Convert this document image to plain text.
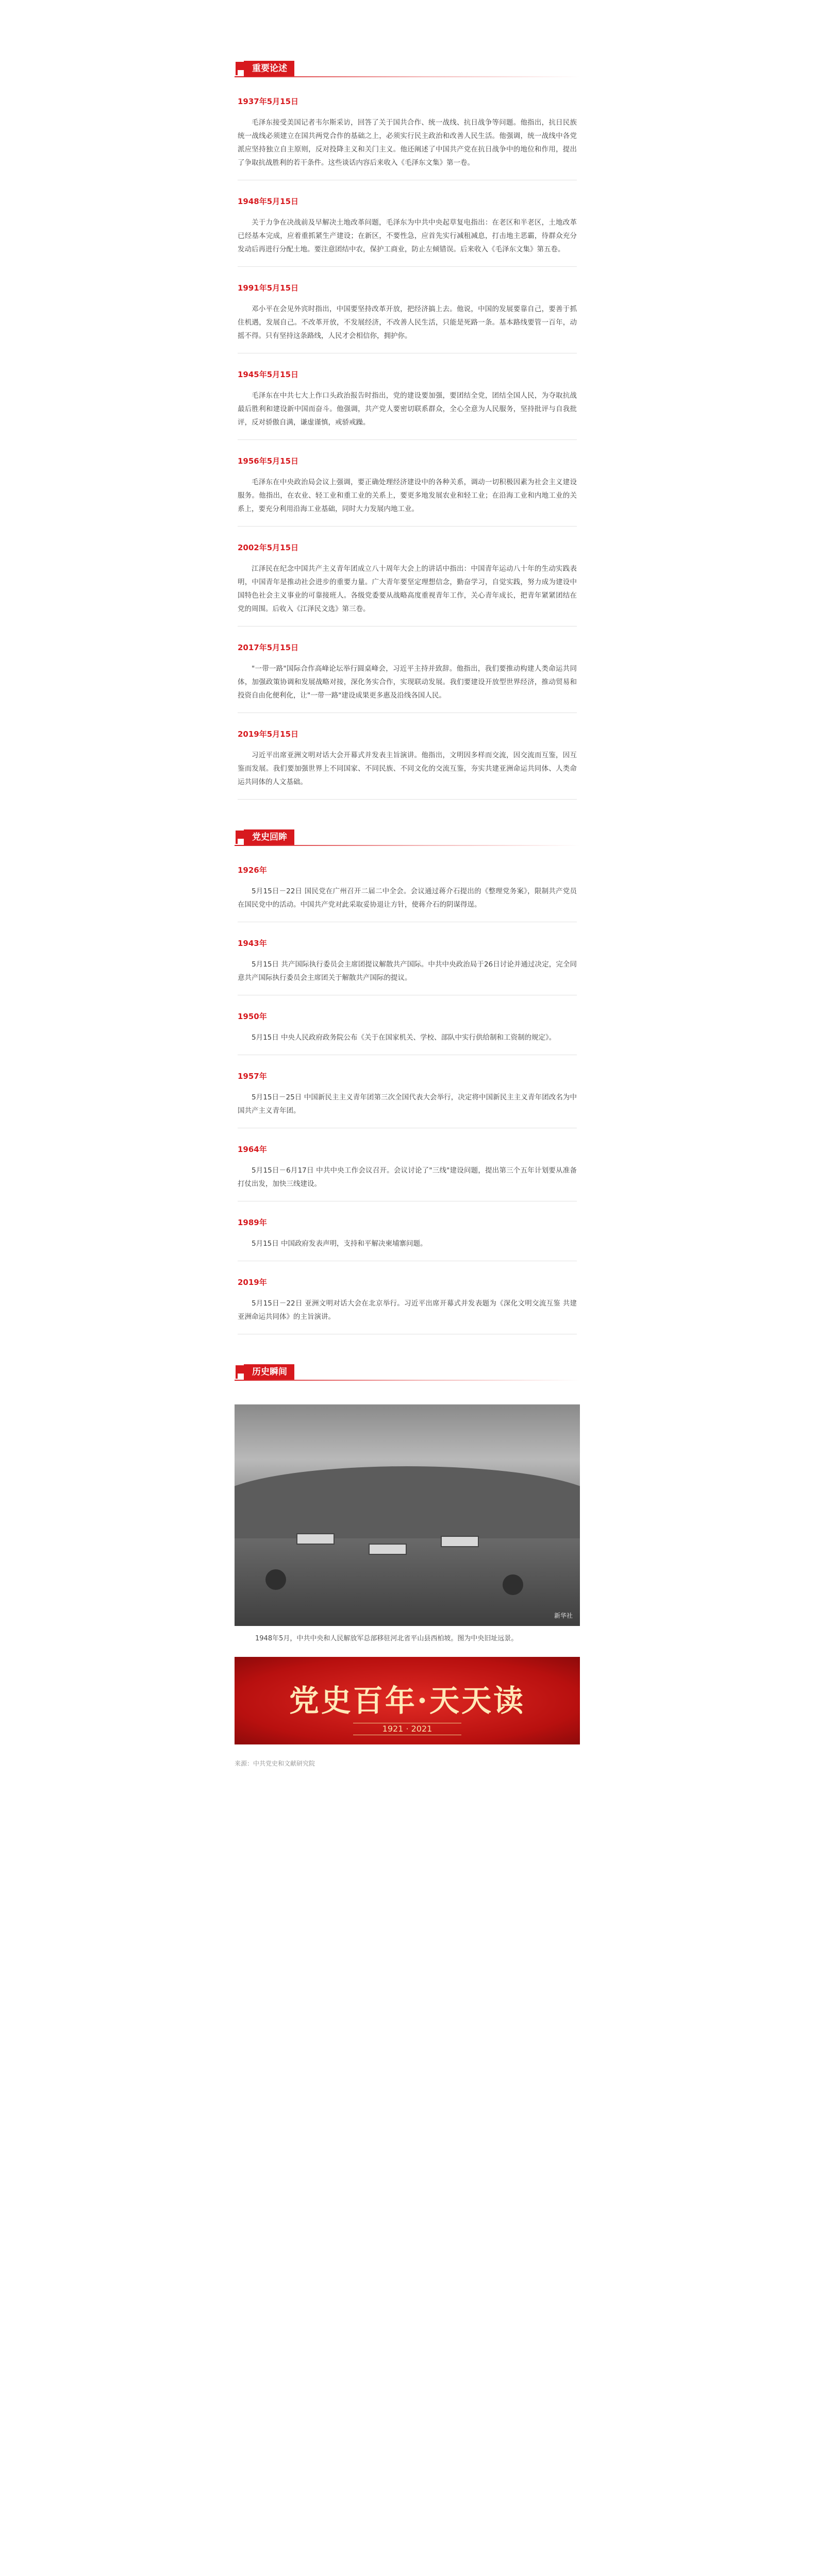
重要论述
1937年5月15日
毛泽东接受美国记者韦尔斯采访，回答了关于国共合作、统一战线、抗日战争等问题。他指出，抗日民族统一战线必须建立在国共两党合作的基础之上，必须实行民主政治和改善人民生活。他强调，统一战线中各党派应坚持独立自主原则，反对投降主义和关门主义。他还阐述了中国共产党在抗日战争中的地位和作用，提出了争取抗战胜利的若干条件。这些谈话内容后来收入《毛泽东文集》第一卷。
1948年5月15日
关于力争在决战前及早解决土地改革问题，毛泽东为中共中央起草复电指出：在老区和半老区，土地改革已经基本完成，应着重抓紧生产建设；在新区，不要性急，应首先实行减租减息，打击地主恶霸，待群众充分发动后再进行分配土地。要注意团结中农，保护工商业，防止左倾错误。后来收入《毛泽东文集》第五卷。
1991年5月15日
邓小平在会见外宾时指出，中国要坚持改革开放，把经济搞上去。他说，中国的发展要靠自己，要善于抓住机遇，发展自己。不改革开放，不发展经济，不改善人民生活，只能是死路一条。基本路线要管一百年，动摇不得。只有坚持这条路线，人民才会相信你，拥护你。
1945年5月15日
毛泽东在中共七大上作口头政治报告时指出，党的建设要加强，要团结全党，团结全国人民，为夺取抗战最后胜利和建设新中国而奋斗。他强调，共产党人要密切联系群众，全心全意为人民服务，坚持批评与自我批评，反对骄傲自满，谦虚谨慎，戒骄戒躁。
1956年5月15日
毛泽东在中央政治局会议上强调，要正确处理经济建设中的各种关系，调动一切积极因素为社会主义建设服务。他指出，在农业、轻工业和重工业的关系上，要更多地发展农业和轻工业；在沿海工业和内地工业的关系上，要充分利用沿海工业基础，同时大力发展内地工业。
2002年5月15日
江泽民在纪念中国共产主义青年团成立八十周年大会上的讲话中指出：中国青年运动八十年的生动实践表明，中国青年是推动社会进步的重要力量。广大青年要坚定理想信念，勤奋学习，自觉实践，努力成为建设中国特色社会主义事业的可靠接班人。各级党委要从战略高度重视青年工作，关心青年成长，把青年紧紧团结在党的周围。后收入《江泽民文选》第三卷。
2017年5月15日
"一带一路"国际合作高峰论坛举行圆桌峰会，习近平主持并致辞。他指出，我们要推动构建人类命运共同体，加强政策协调和发展战略对接，深化务实合作，实现联动发展。我们要建设开放型世界经济，推动贸易和投资自由化便利化，让"一带一路"建设成果更多惠及沿线各国人民。
2019年5月15日
习近平出席亚洲文明对话大会开幕式并发表主旨演讲。他指出，文明因多样而交流，因交流而互鉴，因互鉴而发展。我们要加强世界上不同国家、不同民族、不同文化的交流互鉴，夯实共建亚洲命运共同体、人类命运共同体的人文基础。
党史回眸
1926年
5月15日－22日 国民党在广州召开二届二中全会。会议通过蒋介石提出的《整理党务案》，限制共产党员在国民党中的活动。中国共产党对此采取妥协退让方针，使蒋介石的阴谋得逞。
1943年
5月15日 共产国际执行委员会主席团提议解散共产国际。中共中央政治局于26日讨论并通过决定，完全同意共产国际执行委员会主席团关于解散共产国际的提议。
1950年
5月15日 中央人民政府政务院公布《关于在国家机关、学校、部队中实行供给制和工资制的规定》。
1957年
5月15日－25日 中国新民主主义青年团第三次全国代表大会举行，决定将中国新民主主义青年团改名为中国共产主义青年团。
1964年
5月15日－6月17日 中共中央工作会议召开。会议讨论了"三线"建设问题，提出第三个五年计划要从准备打仗出发，加快三线建设。
1989年
5月15日 中国政府发表声明，支持和平解决柬埔寨问题。
2019年
5月15日－22日 亚洲文明对话大会在北京举行。习近平出席开幕式并发表题为《深化文明交流互鉴 共建亚洲命运共同体》的主旨演讲。
历史瞬间
新华社
1948年5月，中共中央和人民解放军总部移驻河北省平山县西柏坡。图为中央旧址远景。
党史百年·天天读
1921 · 2021
来源：中共党史和文献研究院
